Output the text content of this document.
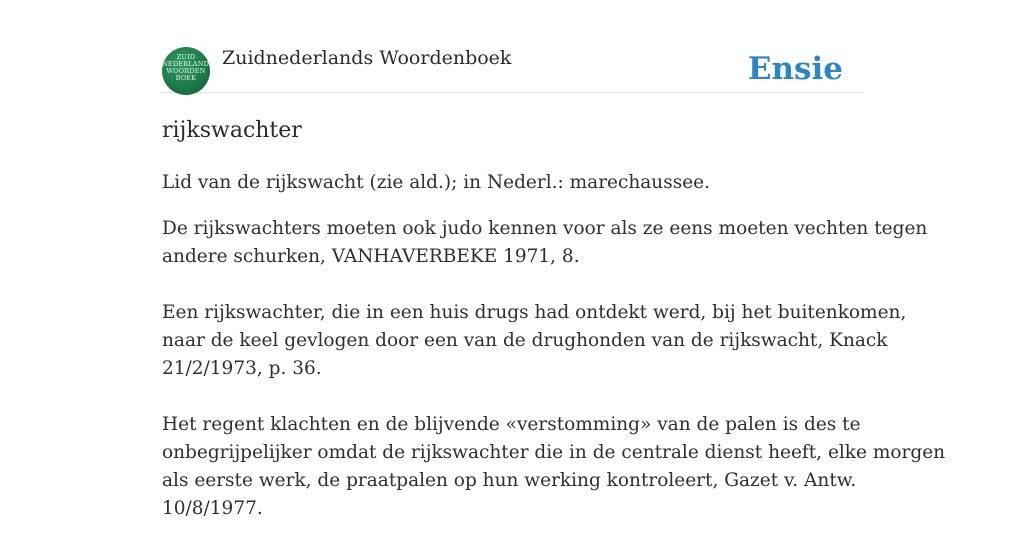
ZUID
NEDERLANDS
WOORDEN
BOEK
Zuidnederlands Woordenboek	Ensie
rijkswachter
Lid van de rijkswacht (zie ald.); in Nederl.: marechaussee.

De rijkswachters moeten ook judo kennen voor als ze eens moeten vechten tegen
andere schurken, VANHAVERBEKE 1971, 8.

Een rijkswachter, die in een huis drugs had ontdekt werd, bij het buitenkomen,
naar de keel gevlogen door een van de drughonden van de rijkswacht, Knack
21/2/1973, p. 36.

Het regent klachten en de blijvende «verstomming» van de palen is des te
onbegrijpelijker omdat de rijkswachter die in de centrale dienst heeft, elke morgen
als eerste werk, de praatpalen op hun werking kontroleert, Gazet v. Antw.
10/8/1977.
